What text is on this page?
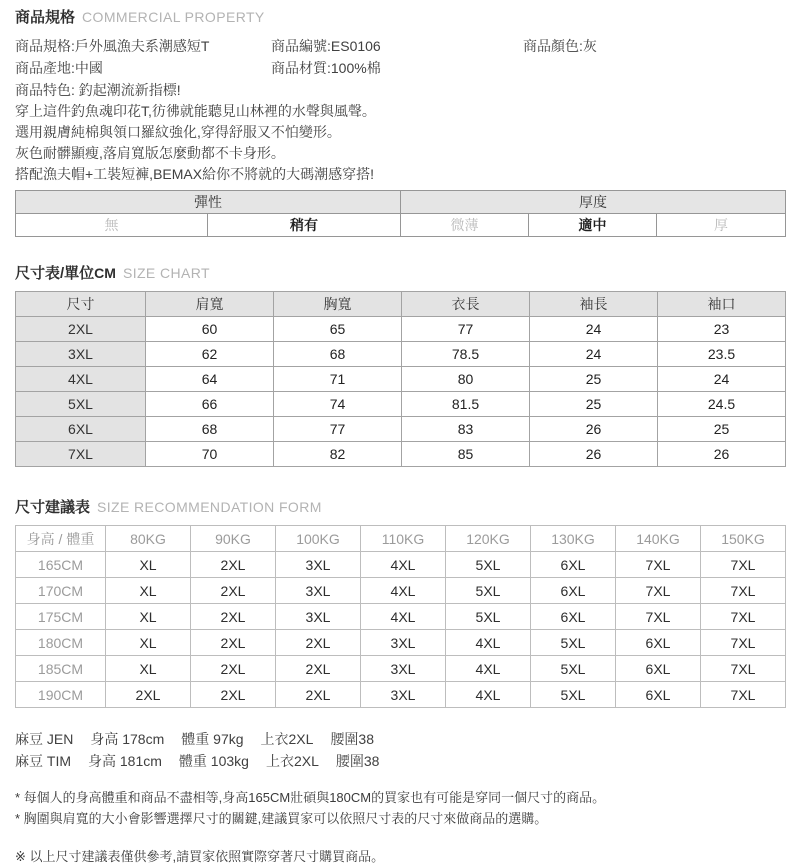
商品規格 COMMERCIAL PROPERTY
商品規格:戶外風漁夫系潮感短T	商品編號:ES0106	商品顏色:灰
商品產地:中國	商品材質:100%棉
商品特色: 釣起潮流新指標!
穿上這件釣魚魂印花T,彷彿就能聽見山林裡的水聲與風聲。
選用親膚純棉與領口羅紋強化,穿得舒服又不怕變形。
灰色耐髒顯瘦,落肩寬版怎麼動都不卡身形。
搭配漁夫帽+工裝短褲,BEMAX給你不將就的大碼潮感穿搭!
彈性		厚度		
無	稍有	微薄	適中	厚
尺寸表/單位CM SIZE CHART
尺寸	肩寬	胸寬	衣長	袖長	袖口
2XL	60	65	77	24	23
3XL	62	68	78.5	24	23.5
4XL	64	71	80	25	24
5XL	66	74	81.5	25	24.5
6XL	68	77	83	26	25
7XL	70	82	85	26	26
尺寸建議表 SIZE RECOMMENDATION FORM
身高 / 體重	80KG	90KG	100KG	110KG	120KG	130KG	140KG	150KG
165CM	XL	2XL	3XL	4XL	5XL	6XL	7XL	7XL
170CM	XL	2XL	3XL	4XL	5XL	6XL	7XL	7XL
175CM	XL	2XL	3XL	4XL	5XL	6XL	7XL	7XL
180CM	XL	2XL	2XL	3XL	4XL	5XL	6XL	7XL
185CM	XL	2XL	2XL	3XL	4XL	5XL	6XL	7XL
190CM	2XL	2XL	2XL	3XL	4XL	5XL	6XL	7XL
麻豆 JEN 身高 178cm 體重 97kg 上衣2XL 腰圍38
麻豆 TIM 身高 181cm 體重 103kg 上衣2XL 腰圍38
* 每個人的身高體重和商品不盡相等,身高165CM壯碩與180CM的買家也有可能是穿同一個尺寸的商品。
* 胸圍與肩寬的大小會影響選擇尺寸的關鍵,建議買家可以依照尺寸表的尺寸來做商品的選購。
※ 以上尺寸建議表僅供參考,請買家依照實際穿著尺寸購買商品。
